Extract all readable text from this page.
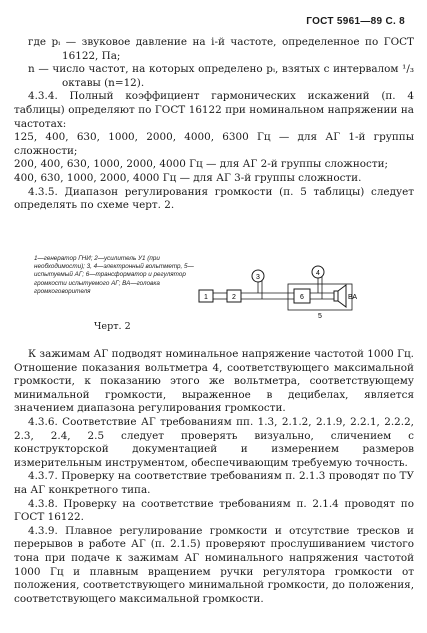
ГОСТ 5961—89 С. 8

где pᵢ — звуковое давление на i-й частоте, определенное по ГОСТ 16122, Па;

n — число частот, на которых определено pᵢ, взятых с интервалом ¹/₃ октавы (n=12).

4.3.4. Полный коэффициент гармонических искажений (п. 4 таблицы) определяют по ГОСТ 16122 при номинальном напряжении на частотах:

125, 400, 630, 1000, 2000, 4000, 6300 Гц — для АГ 1-й группы сложности;

200, 400, 630, 1000, 2000, 4000 Гц — для АГ 2-й группы сложности;

400, 630, 1000, 2000, 4000 Гц — для АГ 3-й группы сложности.

4.3.5. Диапазон регулирования громкости (п. 5 таблицы) следует определять по схеме черт. 2.

1—генератор ГНИ; 2—усилитель У1 (при необходимости); 3, 4—электронный вольтметр, 5—испытуемый АГ; 6—трансформатор и регулятор громкости испытуемого АГ; ВА—головка громкоговорителя
1	2
3
5
6
4
ВА
Черт. 2

К зажимам АГ подводят номинальное напряжение частотой 1000 Гц. Отношение показания вольтметра 4, соответствующего максимальной громкости, к показанию этого же вольтметра, соответствующему минимальной громкости, выраженное в децибелах, является значением диапазона регулирования громкости.

4.3.6. Соответствие АГ требованиям пп. 1.3, 2.1.2, 2.1.9, 2.2.1, 2.2.2, 2.3, 2.4, 2.5 следует проверять визуально, сличением с конструкторской документацией и измерением размеров измерительным инструментом, обеспечивающим требуемую точность.

4.3.7. Проверку на соответствие требованиям п. 2.1.3 проводят по ТУ на АГ конкретного типа.

4.3.8. Проверку на соответствие требованиям п. 2.1.4 проводят по ГОСТ 16122.

4.3.9. Плавное регулирование громкости и отсутствие тресков и перерывов в работе АГ (п. 2.1.5) проверяют прослушиванием чистого тона при подаче к зажимам АГ номинального напряжения частотой 1000 Гц и плавным вращением ручки регулятора громкости от положения, соответствующего минимальной громкости, до положения, соответствующего максимальной громкости.
